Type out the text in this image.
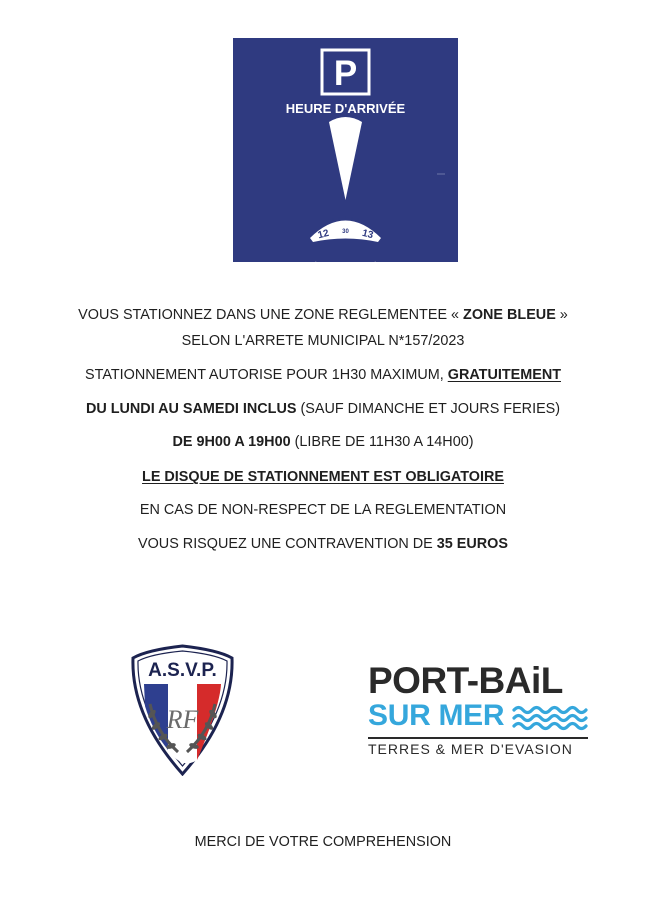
P
HEURE D'ARRIVÉE
12 30 13
VOUS STATIONNEZ DANS UNE ZONE REGLEMENTEE « ZONE BLEUE »
SELON L'ARRETE MUNICIPAL N*157/2023
STATIONNEMENT AUTORISE POUR 1H30 MAXIMUM, GRATUITEMENT
DU LUNDI AU SAMEDI INCLUS (SAUF DIMANCHE ET JOURS FERIES)
DE 9H00 A 19H00 (LIBRE DE 11H30 A 14H00)
LE DISQUE DE STATIONNEMENT EST OBLIGATOIRE
EN CAS DE NON-RESPECT DE LA REGLEMENTATION
VOUS RISQUEZ UNE CONTRAVENTION DE 35 EUROS
A.S.V.P.
RF
PORT-BAiL
SUR MER
TERRES & MER D'EVASION
MERCI DE VOTRE COMPREHENSION
